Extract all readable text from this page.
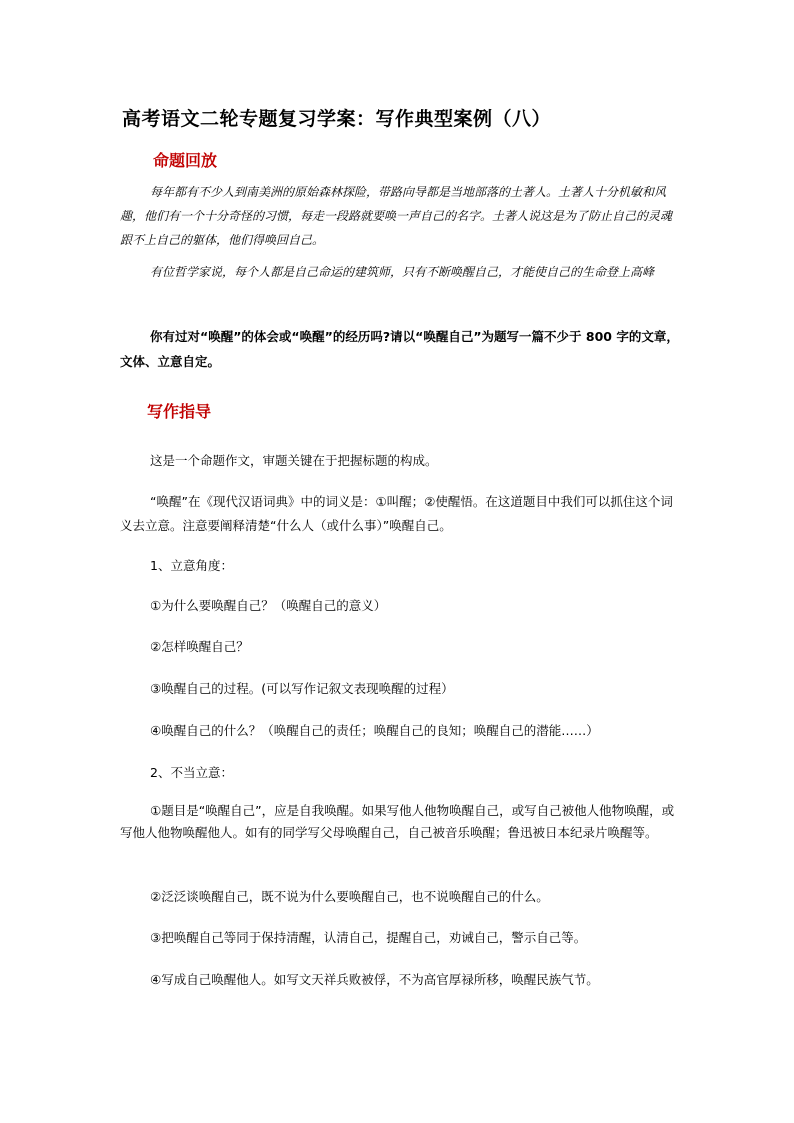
高考语文二轮专题复习学案：写作典型案例（八）
命题回放
每年都有不少人到南美洲的原始森林探险，带路向导都是当地部落的土著人。土著人十分机敏和风趣，他们有一个十分奇怪的习惯，每走一段路就要唤一声自己的名字。土著人说这是为了防止自己的灵魂跟不上自己的躯体，他们得唤回自己。
有位哲学家说，每个人都是自己命运的建筑师，只有不断唤醒自己，才能使自己的生命登上高峰
你有过对“唤醒”的体会或“唤醒”的经历吗?请以“唤醒自己”为题写一篇不少于 800 字的文章，文体、立意自定。
写作指导
这是一个命题作文，审题关键在于把握标题的构成。
“唤醒”在《现代汉语词典》中的词义是：①叫醒；②使醒悟。在这道题目中我们可以抓住这个词义去立意。注意要阐释清楚“什么人（或什么事）”唤醒自己。
1、立意角度：
①为什么要唤醒自己？（唤醒自己的意义）
②怎样唤醒自己？
③唤醒自己的过程。(可以写作记叙文表现唤醒的过程）
④唤醒自己的什么？（唤醒自己的责任；唤醒自己的良知；唤醒自己的潜能……）
2、不当立意：
①题目是“唤醒自己”，应是自我唤醒。如果写他人他物唤醒自己，或写自己被他人他物唤醒，或写他人他物唤醒他人。如有的同学写父母唤醒自己，自己被音乐唤醒；鲁迅被日本纪录片唤醒等。
②泛泛谈唤醒自己，既不说为什么要唤醒自己，也不说唤醒自己的什么。
③把唤醒自己等同于保持清醒，认清自己，提醒自己，劝诫自己，警示自己等。
④写成自己唤醒他人。如写文天祥兵败被俘，不为高官厚禄所移，唤醒民族气节。
